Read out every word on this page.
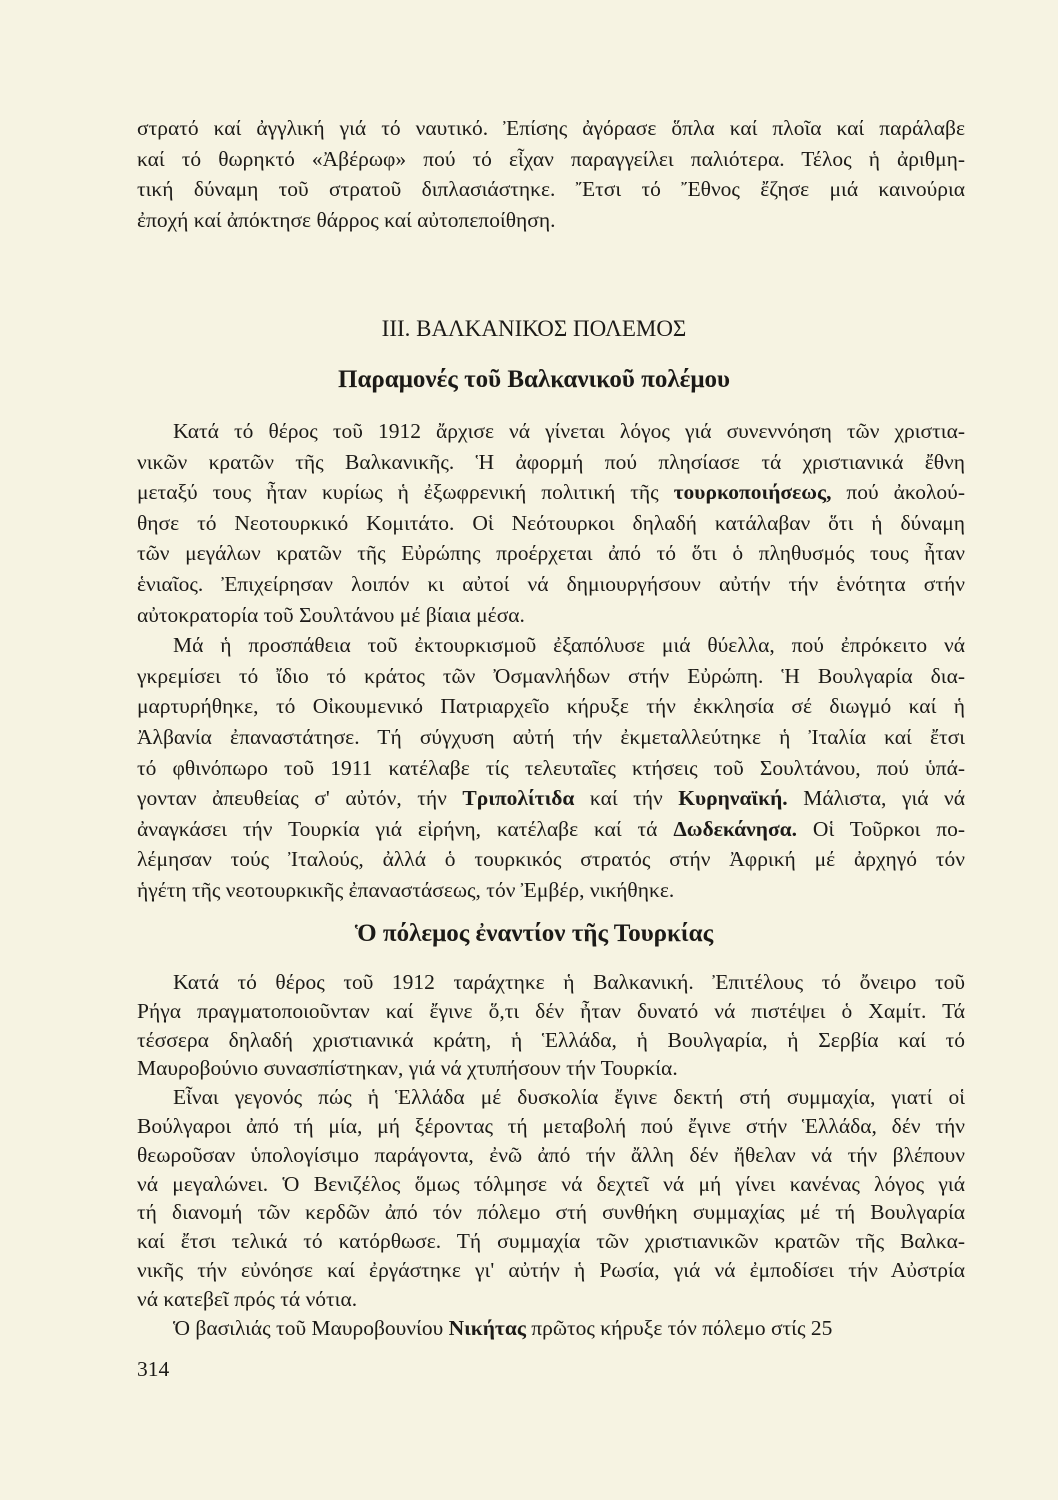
στρατό καί ἀγγλική γιά τό ναυτικό. Ἐπίσης ἀγόρασε ὅπλα καί πλοῖα καί παράλαβε
καί τό θωρηκτό «Ἀβέρωφ» πού τό εἶχαν παραγγείλει παλιότερα. Τέλος ἡ ἀριθμη-
τική δύναμη τοῦ στρατοῦ διπλασιάστηκε. Ἔτσι τό Ἔθνος ἔζησε μιά καινούρια
ἐποχή καί ἀπόκτησε θάρρος καί αὐτοπεποίθηση.
III. ΒΑΛΚΑΝΙΚΟΣ ΠΟΛΕΜΟΣ
Παραμονές τοῦ Βαλκανικοῦ πολέμου
Κατά τό θέρος τοῦ 1912 ἄρχισε νά γίνεται λόγος γιά συνεννόηση τῶν χριστια-
νικῶν κρατῶν τῆς Βαλκανικῆς. Ἡ ἀφορμή πού πλησίασε τά χριστιανικά ἔθνη
μεταξύ τους ἦταν κυρίως ἡ ἐξωφρενική πολιτική τῆς τουρκοποιήσεως, πού ἀκολού-
θησε τό Νεοτουρκικό Κομιτάτο. Οἱ Νεότουρκοι δηλαδή κατάλαβαν ὅτι ἡ δύναμη
τῶν μεγάλων κρατῶν τῆς Εὐρώπης προέρχεται ἀπό τό ὅτι ὁ πληθυσμός τους ἦταν
ἑνιαῖος. Ἐπιχείρησαν λοιπόν κι αὐτοί νά δημιουργήσουν αὐτήν τήν ἑνότητα στήν
αὐτοκρατορία τοῦ Σουλτάνου μέ βίαια μέσα.
Μά ἡ προσπάθεια τοῦ ἐκτουρκισμοῦ ἐξαπόλυσε μιά θύελλα, πού ἐπρόκειτο νά
γκρεμίσει τό ἴδιο τό κράτος τῶν Ὀσμανλήδων στήν Εὐρώπη. Ἡ Βουλγαρία δια-
μαρτυρήθηκε, τό Οἰκουμενικό Πατριαρχεῖο κήρυξε τήν ἐκκλησία σέ διωγμό καί ἡ
Ἀλβανία ἐπαναστάτησε. Τή σύγχυση αὐτή τήν ἐκμεταλλεύτηκε ἡ Ἰταλία καί ἔτσι
τό φθινόπωρο τοῦ 1911 κατέλαβε τίς τελευταῖες κτήσεις τοῦ Σουλτάνου, πού ὑπά-
γονταν ἀπευθείας σ' αὐτόν, τήν Τριπολίτιδα καί τήν Κυρηναϊκή. Μάλιστα, γιά νά
ἀναγκάσει τήν Τουρκία γιά εἰρήνη, κατέλαβε καί τά Δωδεκάνησα. Οἱ Τοῦρκοι πο-
λέμησαν τούς Ἰταλούς, ἀλλά ὁ τουρκικός στρατός στήν Ἀφρική μέ ἀρχηγό τόν
ἡγέτη τῆς νεοτουρκικῆς ἐπαναστάσεως, τόν Ἐμβέρ, νικήθηκε.
Ὁ πόλεμος ἐναντίον τῆς Τουρκίας
Κατά τό θέρος τοῦ 1912 ταράχτηκε ἡ Βαλκανική. Ἐπιτέλους τό ὄνειρο τοῦ
Ρήγα πραγματοποιοῦνταν καί ἔγινε ὅ,τι δέν ἦταν δυνατό νά πιστέψει ὁ Χαμίτ. Τά
τέσσερα δηλαδή χριστιανικά κράτη, ἡ Ἑλλάδα, ἡ Βουλγαρία, ἡ Σερβία καί τό
Μαυροβούνιο συνασπίστηκαν, γιά νά χτυπήσουν τήν Τουρκία.
Εἶναι γεγονός πώς ἡ Ἑλλάδα μέ δυσκολία ἔγινε δεκτή στή συμμαχία, γιατί οἱ
Βούλγαροι ἀπό τή μία, μή ξέροντας τή μεταβολή πού ἔγινε στήν Ἑλλάδα, δέν τήν
θεωροῦσαν ὑπολογίσιμο παράγοντα, ἐνῶ ἀπό τήν ἄλλη δέν ἤθελαν νά τήν βλέπουν
νά μεγαλώνει. Ὁ Βενιζέλος ὅμως τόλμησε νά δεχτεῖ νά μή γίνει κανένας λόγος γιά
τή διανομή τῶν κερδῶν ἀπό τόν πόλεμο στή συνθήκη συμμαχίας μέ τή Βουλγαρία
καί ἔτσι τελικά τό κατόρθωσε. Τή συμμαχία τῶν χριστιανικῶν κρατῶν τῆς Βαλκα-
νικῆς τήν εὐνόησε καί ἐργάστηκε γι' αὐτήν ἡ Ρωσία, γιά νά ἐμποδίσει τήν Αὐστρία
νά κατεβεῖ πρός τά νότια.
Ὁ βασιλιάς τοῦ Μαυροβουνίου Νικήτας πρῶτος κήρυξε τόν πόλεμο στίς 25
314
